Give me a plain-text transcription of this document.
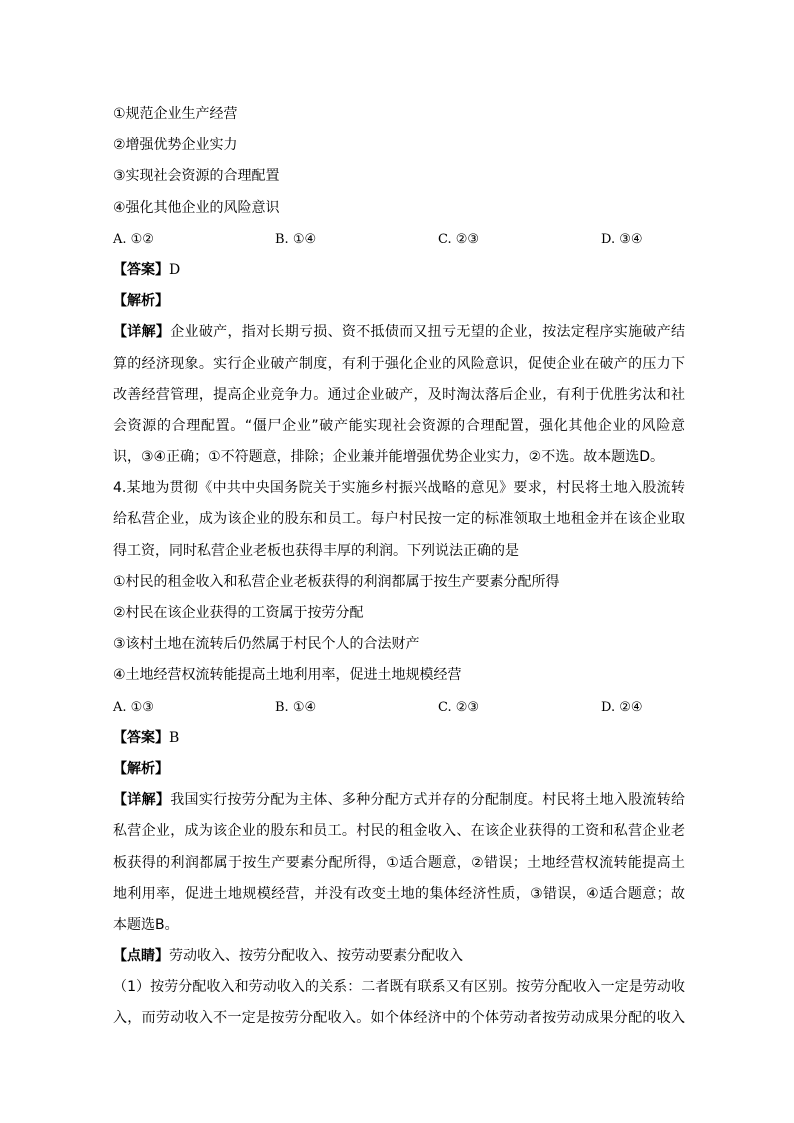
①规范企业生产经营
②增强优势企业实力
③实现社会资源的合理配置
④强化其他企业的风险意识
A. ①②	B. ①④	C. ②③	D. ③④
【答案】D
【解析】
【详解】企业破产，指对长期亏损、资不抵债而又扭亏无望的企业，按法定程序实施破产结
算的经济现象。实行企业破产制度，有利于强化企业的风险意识，促使企业在破产的压力下
改善经营管理，提高企业竞争力。通过企业破产，及时淘汰落后企业，有利于优胜劣汰和社
会资源的合理配置。“僵尸企业”破产能实现社会资源的合理配置，强化其他企业的风险意
识，③④正确；①不符题意，排除；企业兼并能增强优势企业实力，②不选。故本题选D。
4.某地为贯彻《中共中央国务院关于实施乡村振兴战略的意见》要求，村民将土地入股流转
给私营企业，成为该企业的股东和员工。每户村民按一定的标准领取土地租金并在该企业取
得工资，同时私营企业老板也获得丰厚的利润。下列说法正确的是
①村民的租金收入和私营企业老板获得的利润都属于按生产要素分配所得
②村民在该企业获得的工资属于按劳分配
③该村土地在流转后仍然属于村民个人的合法财产
④土地经营权流转能提高土地利用率，促进土地规模经营
A. ①③	B. ①④	C. ②③	D. ②④
【答案】B
【解析】
【详解】我国实行按劳分配为主体、多种分配方式并存的分配制度。村民将土地入股流转给
私营企业，成为该企业的股东和员工。村民的租金收入、在该企业获得的工资和私营企业老
板获得的利润都属于按生产要素分配所得，①适合题意，②错误；土地经营权流转能提高土
地利用率，促进土地规模经营，并没有改变土地的集体经济性质，③错误，④适合题意；故
本题选B。
【点睛】劳动收入、按劳分配收入、按劳动要素分配收入
（1）按劳分配收入和劳动收入的关系：二者既有联系又有区别。按劳分配收入一定是劳动收
入，而劳动收入不一定是按劳分配收入。如个体经济中的个体劳动者按劳动成果分配的收入
